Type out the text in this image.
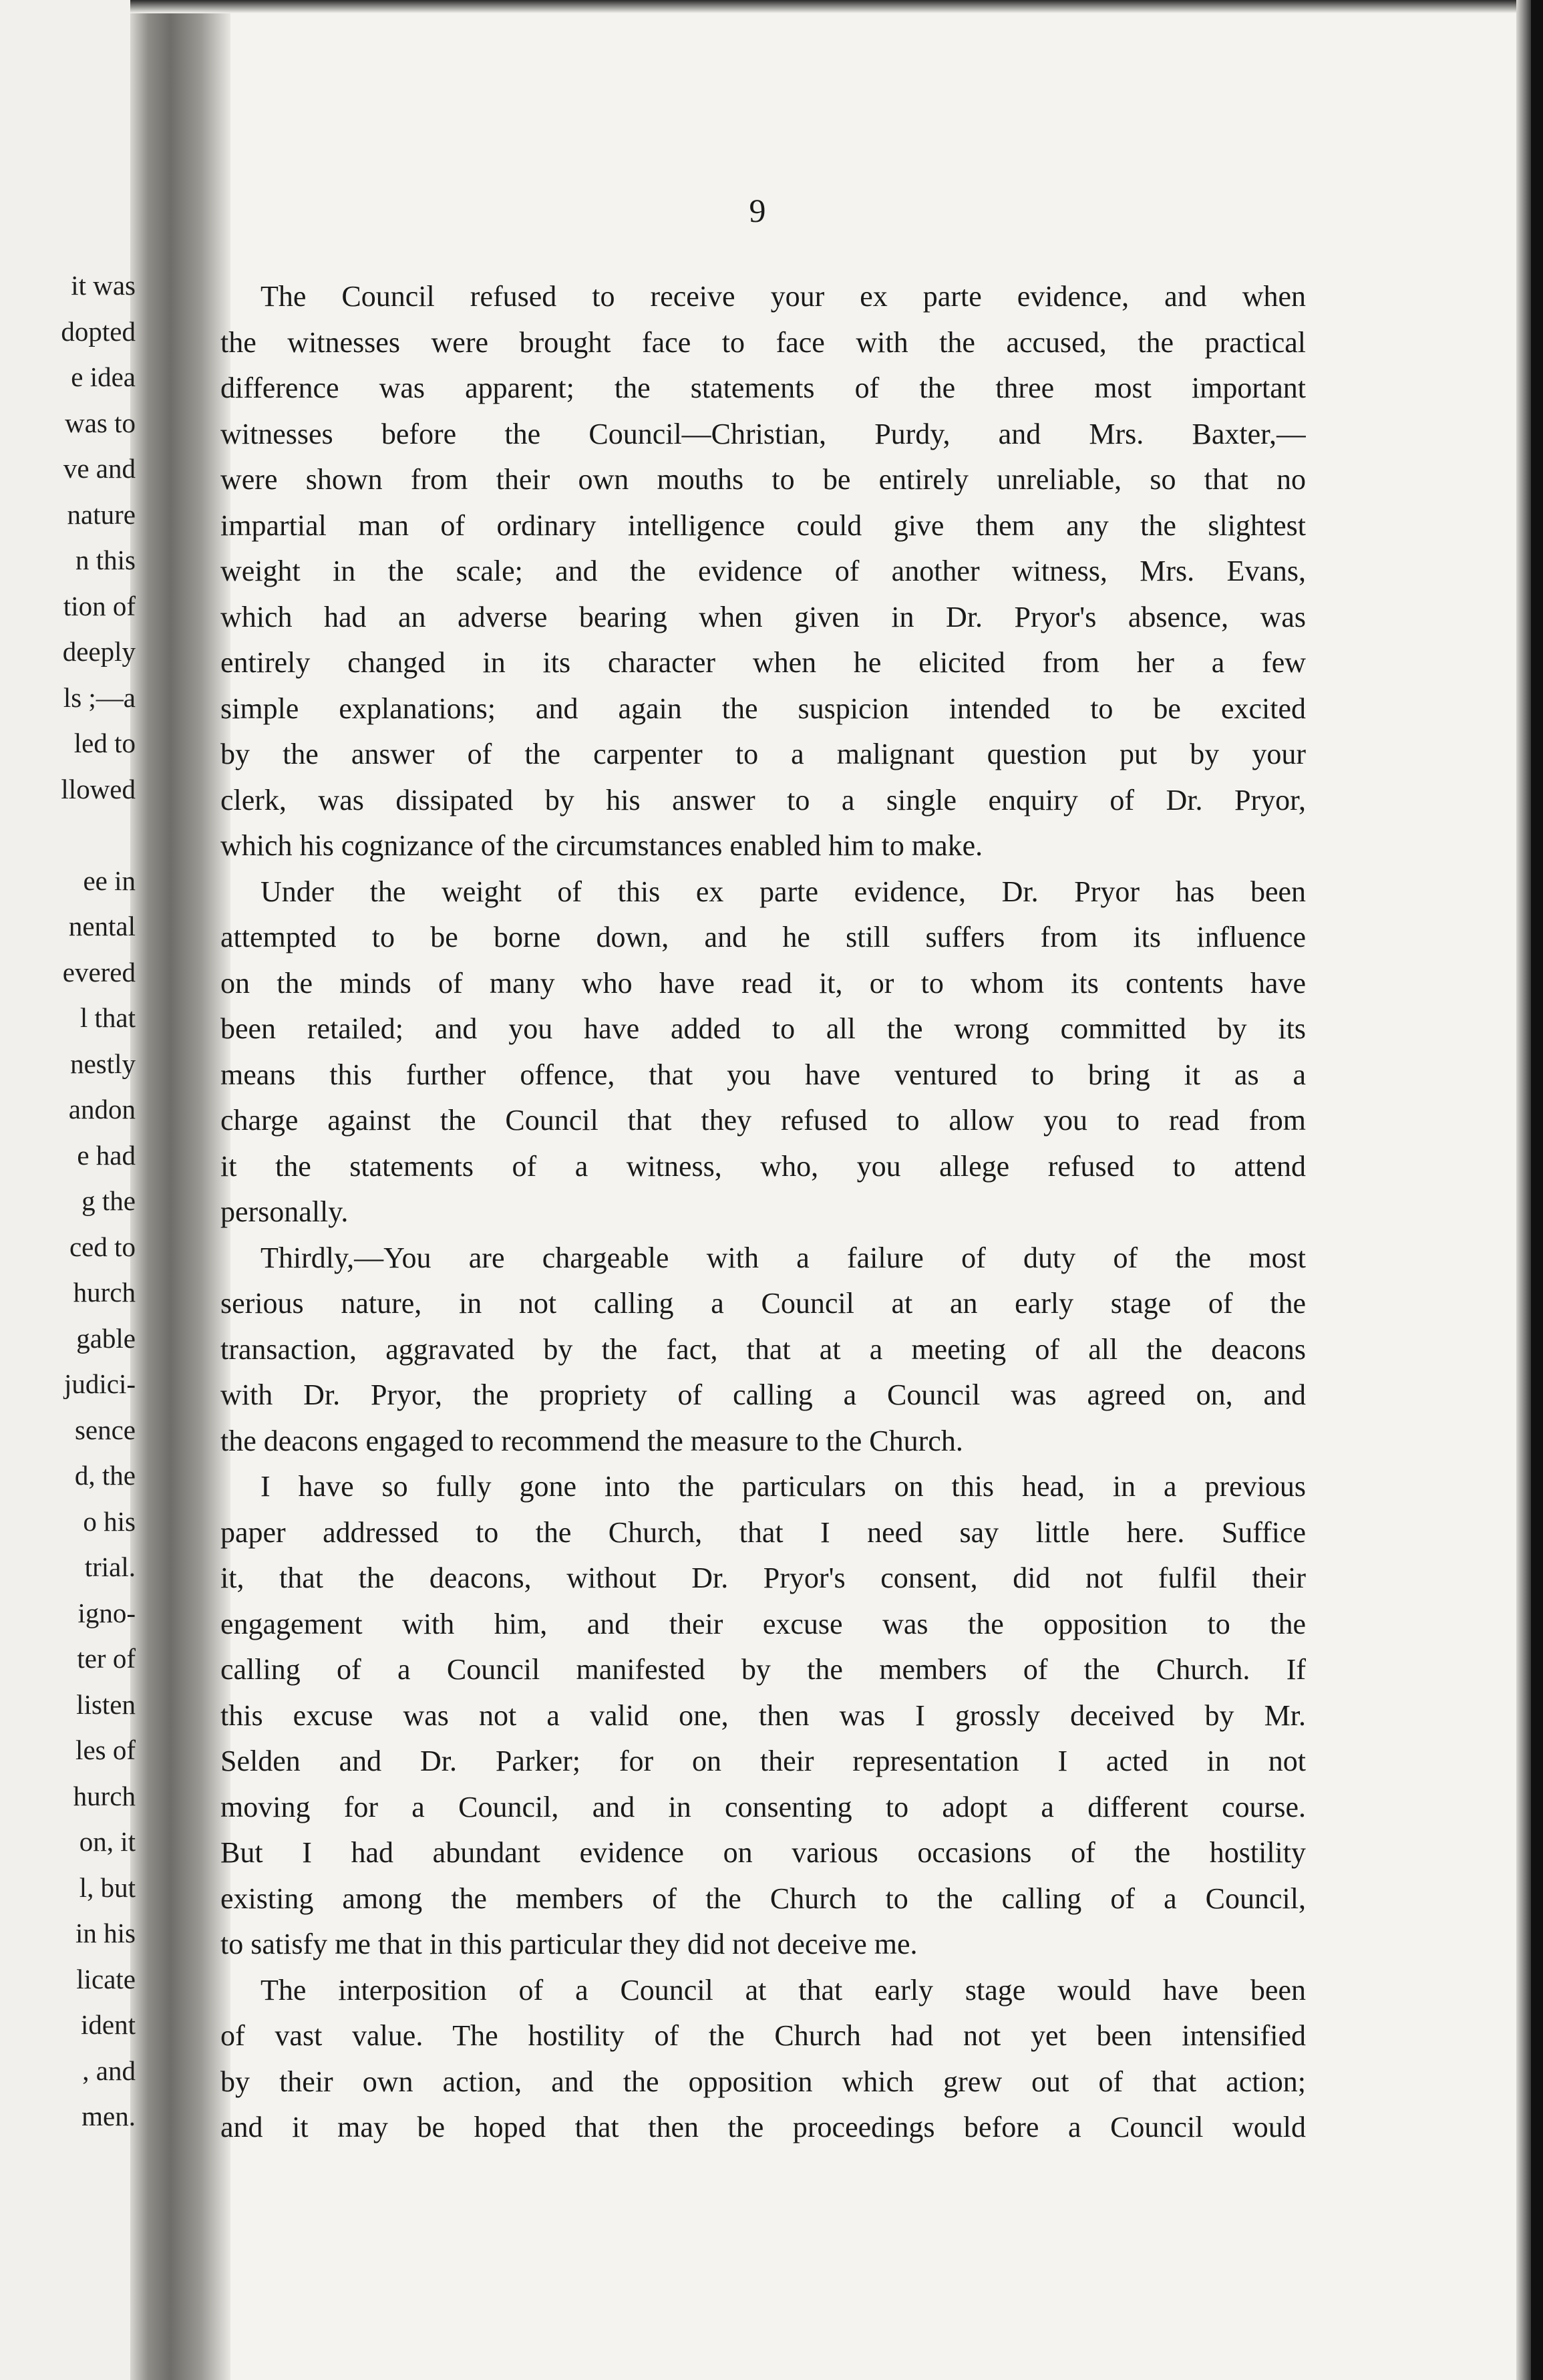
it was
dopted
e idea
was to
ve and
nature
n this
tion of
deeply
ls ;—a
led to
llowed
ee in
nental
evered
l that
nestly
andon
e had
g the
ced to
hurch
gable
judici-
sence
d, the
o his
trial.
igno-
ter of
listen
les of
hurch
on, it
l, but
in his
licate
ident
, and
men.
9
The Council refused to receive your ex parte evidence, and when
the witnesses were brought face to face with the accused, the practical
difference was apparent; the statements of the three most important
witnesses before the Council—Christian, Purdy, and Mrs. Baxter,—
were shown from their own mouths to be entirely unreliable, so that no
impartial man of ordinary intelligence could give them any the slightest
weight in the scale; and the evidence of another witness, Mrs. Evans,
which had an adverse bearing when given in Dr. Pryor's absence, was
entirely changed in its character when he elicited from her a few
simple explanations; and again the suspicion intended to be excited
by the answer of the carpenter to a malignant question put by your
clerk, was dissipated by his answer to a single enquiry of Dr. Pryor,
which his cognizance of the circumstances enabled him to make.
Under the weight of this ex parte evidence, Dr. Pryor has been
attempted to be borne down, and he still suffers from its influence
on the minds of many who have read it, or to whom its contents have
been retailed; and you have added to all the wrong committed by its
means this further offence, that you have ventured to bring it as a
charge against the Council that they refused to allow you to read from
it the statements of a witness, who, you allege refused to attend
personally.
Thirdly,—You are chargeable with a failure of duty of the most
serious nature, in not calling a Council at an early stage of the
transaction, aggravated by the fact, that at a meeting of all the deacons
with Dr. Pryor, the propriety of calling a Council was agreed on, and
the deacons engaged to recommend the measure to the Church.
I have so fully gone into the particulars on this head, in a previous
paper addressed to the Church, that I need say little here. Suffice
it, that the deacons, without Dr. Pryor's consent, did not fulfil their
engagement with him, and their excuse was the opposition to the
calling of a Council manifested by the members of the Church. If
this excuse was not a valid one, then was I grossly deceived by Mr.
Selden and Dr. Parker; for on their representation I acted in not
moving for a Council, and in consenting to adopt a different course.
But I had abundant evidence on various occasions of the hostility
existing among the members of the Church to the calling of a Council,
to satisfy me that in this particular they did not deceive me.
The interposition of a Council at that early stage would have been
of vast value. The hostility of the Church had not yet been intensified
by their own action, and the opposition which grew out of that action;
and it may be hoped that then the proceedings before a Council would
